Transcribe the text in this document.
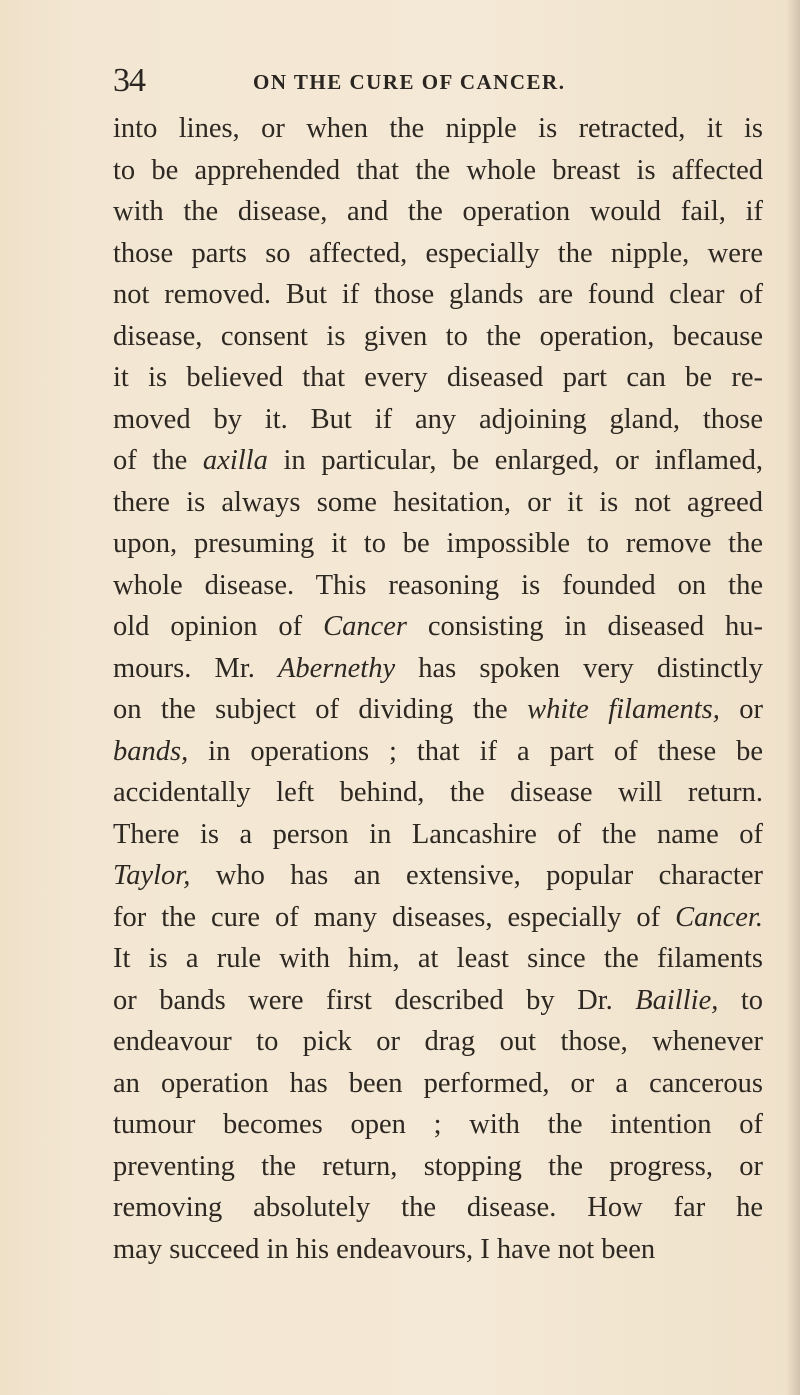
34	ON THE CURE OF CANCER.
into lines, or when the nipple is retracted, it is
to be apprehended that the whole breast is affected
with the disease, and the operation would fail, if
those parts so affected, especially the nipple, were
not removed. But if those glands are found clear of
disease, consent is given to the operation, because
it is believed that every diseased part can be re-
moved by it. But if any adjoining gland, those
of the axilla in particular, be enlarged, or inflamed,
there is always some hesitation, or it is not agreed
upon, presuming it to be impossible to remove the
whole disease. This reasoning is founded on the
old opinion of Cancer consisting in diseased hu-
mours. Mr. Abernethy has spoken very distinctly
on the subject of dividing the white filaments, or
bands, in operations ; that if a part of these be
accidentally left behind, the disease will return.
There is a person in Lancashire of the name of
Taylor, who has an extensive, popular character
for the cure of many diseases, especially of Cancer.
It is a rule with him, at least since the filaments
or bands were first described by Dr. Baillie, to
endeavour to pick or drag out those, whenever
an operation has been performed, or a cancerous
tumour becomes open ; with the intention of
preventing the return, stopping the progress, or
removing absolutely the disease. How far he
may succeed in his endeavours, I have not been
